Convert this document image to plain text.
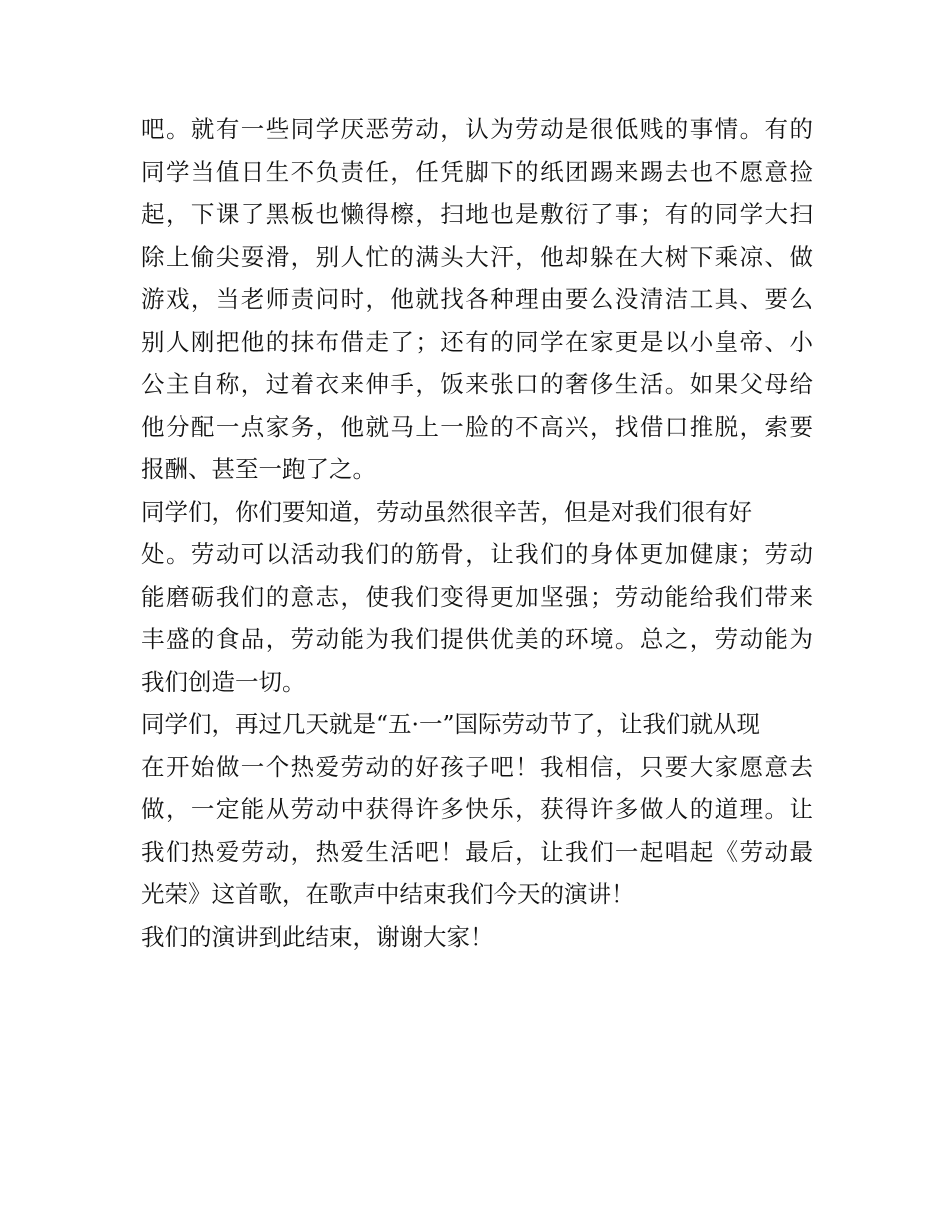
吧。就有一些同学厌恶劳动，认为劳动是很低贱的事情。有的
同学当值日生不负责任，任凭脚下的纸团踢来踢去也不愿意捡
起，下课了黑板也懒得檫，扫地也是敷衍了事；有的同学大扫
除上偷尖耍滑，别人忙的满头大汗，他却躲在大树下乘凉、做
游戏，当老师责问时，他就找各种理由要么没清洁工具、要么
别人刚把他的抹布借走了；还有的同学在家更是以小皇帝、小
公主自称，过着衣来伸手，饭来张口的奢侈生活。如果父母给
他分配一点家务，他就马上一脸的不高兴，找借口推脱，索要
报酬、甚至一跑了之。
同学们，你们要知道，劳动虽然很辛苦，但是对我们很有好
处。劳动可以活动我们的筋骨，让我们的身体更加健康；劳动
能磨砺我们的意志，使我们变得更加坚强；劳动能给我们带来
丰盛的食品，劳动能为我们提供优美的环境。总之，劳动能为
我们创造一切。
同学们，再过几天就是“五·一”国际劳动节了，让我们就从现
在开始做一个热爱劳动的好孩子吧！我相信，只要大家愿意去
做，一定能从劳动中获得许多快乐，获得许多做人的道理。让
我们热爱劳动，热爱生活吧！最后，让我们一起唱起《劳动最
光荣》这首歌，在歌声中结束我们今天的演讲！
我们的演讲到此结束，谢谢大家！
